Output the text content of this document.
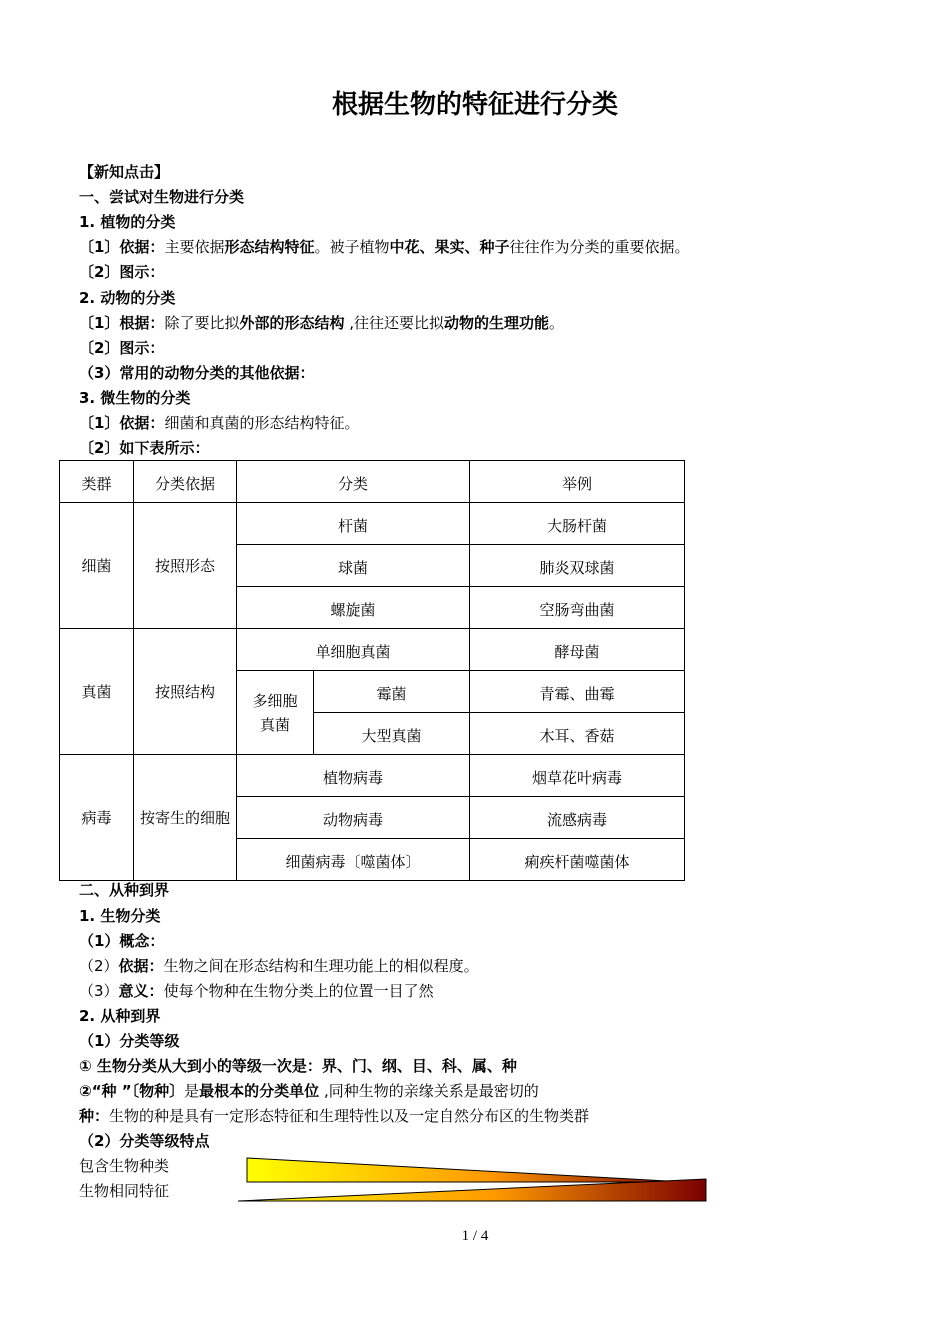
根据生物的特征进行分类
【新知点击】
一、尝试对生物进行分类
1. 植物的分类
〔1〕依据：主要依据形态结构特征。被子植物中花、果实、种子往往作为分类的重要依据。
〔2〕图示：
2. 动物的分类
〔1〕根据：除了要比拟外部的形态结构 ,往往还要比拟动物的生理功能。
〔2〕图示：
（3）常用的动物分类的其他依据：
3. 微生物的分类
〔1〕依据：细菌和真菌的形态结构特征。
〔2〕如下表所示：
类群	分类依据	分类		举例
细菌	按照形态	杆菌		大肠杆菌
		球菌		肺炎双球菌
		螺旋菌		空肠弯曲菌
真菌	按照结构	单细胞真菌		酵母菌

		多细胞真菌	霉菌	青霉、曲霉
			大型真菌	木耳、香菇
病毒	按寄生的细胞	植物病毒		烟草花叶病毒
		动物病毒		流感病毒
		细菌病毒〔噬菌体〕		痢疾杆菌噬菌体
二、从种到界
1. 生物分类
（1）概念：
（2）依据：生物之间在形态结构和生理功能上的相似程度。
（3）意义：使每个物种在生物分类上的位置一目了然
2. 从种到界
（1）分类等级
① 生物分类从大到小的等级一次是：界、门、纲、目、科、属、种
②“种 ”〔物种〕是最根本的分类单位 ,同种生物的亲缘关系是最密切的
种：生物的种是具有一定形态特征和生理特性以及一定自然分布区的生物类群
（2）分类等级特点
包含生物种类
生物相同特征
1 / 4
